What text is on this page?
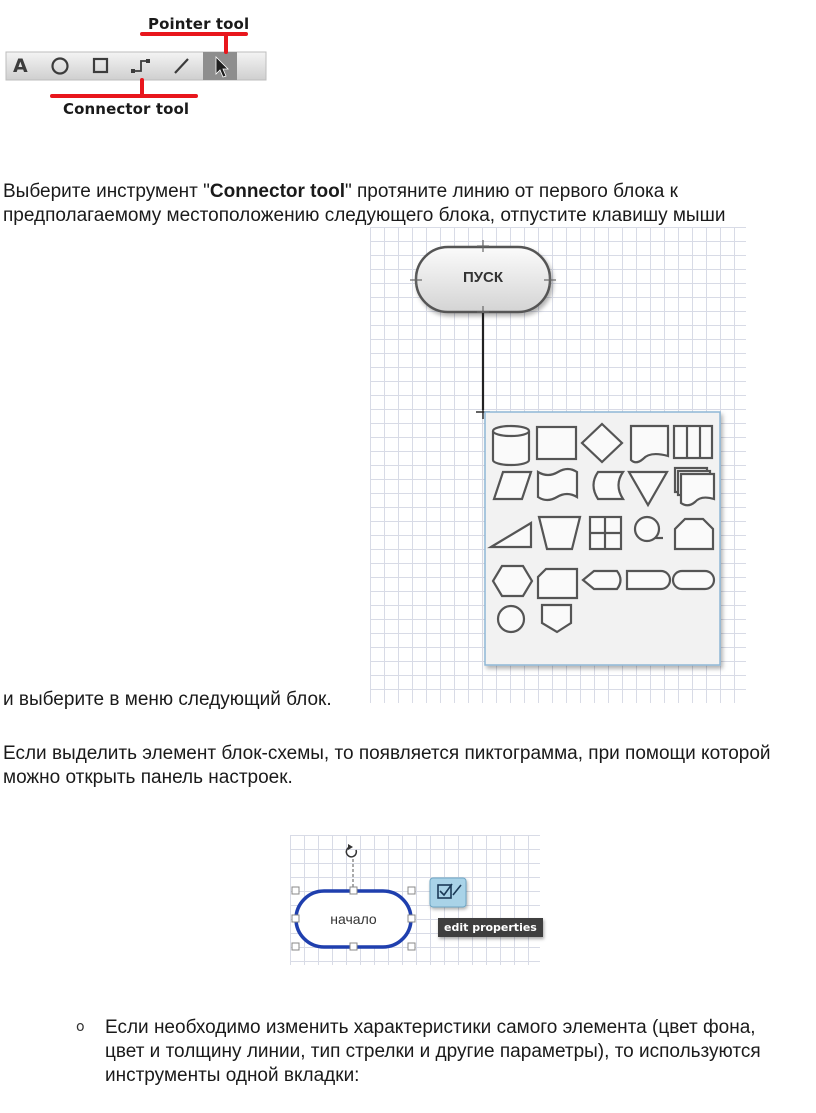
Pointer tool
A
Connector tool
Выберите инструмент "Connector tool" протяните линию от первого блока к предполагаемому местоположению следующего блока, отпустите клавишу мыши
ПУСК
и выберите в меню следующий блок.
Если выделить элемент блок-схемы, то появляется пиктограмма, при помощи которой можно открыть панель настроек.
начало
edit properties
o Если необходимо изменить характеристики самого элемента (цвет фона, цвет и толщину линии, тип стрелки и другие параметры), то используются инструменты одной вкладки:
